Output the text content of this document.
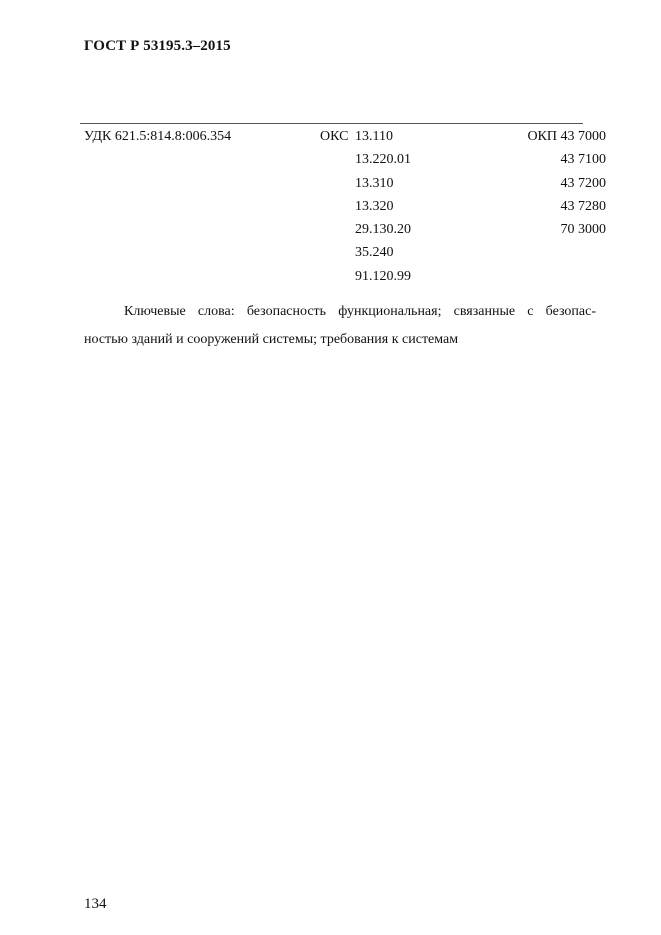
ГОСТ Р 53195.3–2015
УДК 621.5:814.8:006.354	ОКС 13.110
13.220.01
13.310
13.320
29.130.20
35.240
91.120.99
ОКП 43 7000
43 7100
43 7200
43 7280
70 3000

Ключевые слова: безопасность функциональная; связанные с безопас-

ностью зданий и сооружений системы; требования к системам

134
